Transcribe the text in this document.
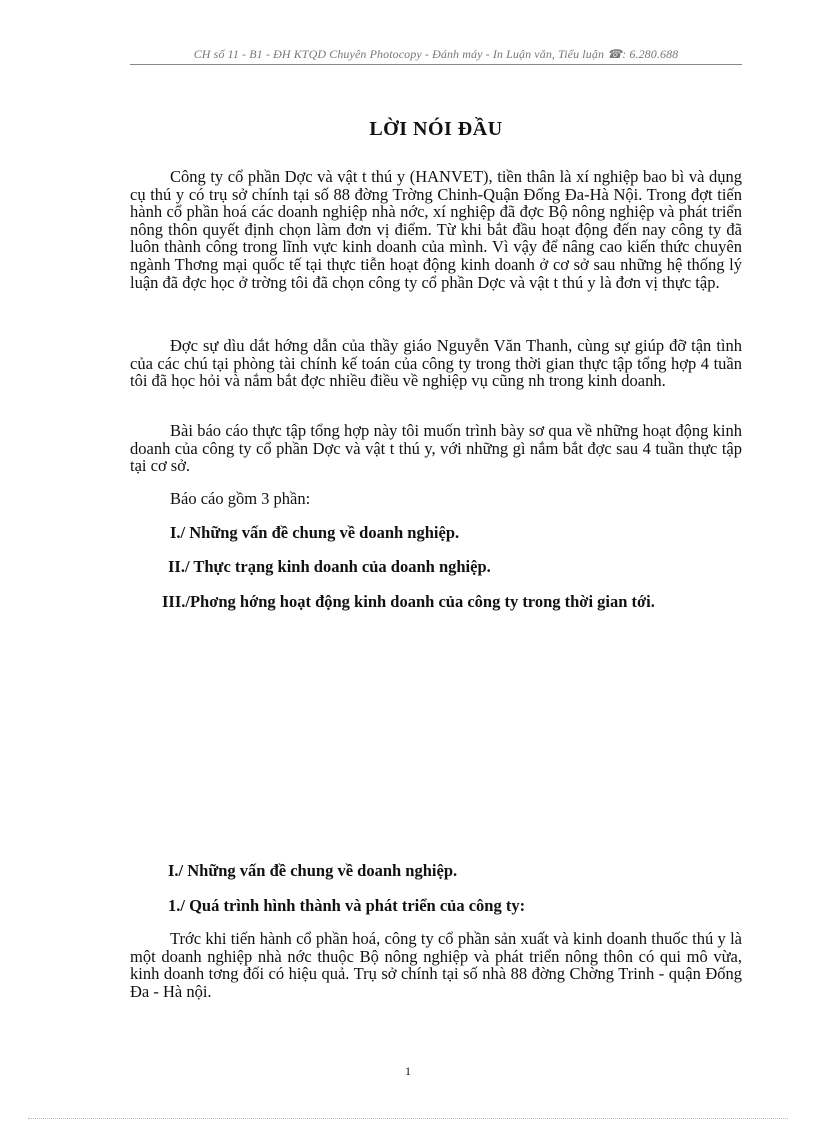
CH số 11 - B1 - ĐH KTQD Chuyên Photocopy - Đánh máy - In Luận văn, Tiểu luận ☎: 6.280.688
LỜI NÓI ĐẦU

Công ty cổ phần Dợc và vật t thú y (HANVET), tiền thân là xí nghiệp bao bì và dụng cụ thú y có trụ sở chính tại số 88 đờng Trờng Chinh-Quận Đống Đa-Hà Nội. Trong đợt tiến hành cổ phần hoá các doanh nghiệp nhà nớc, xí nghiệp đã đợc Bộ nông nghiệp và phát triển nông thôn quyết định chọn làm đơn vị điểm. Từ khi bắt đầu hoạt động đến nay công ty đã luôn thành công trong lĩnh vực kinh doanh của mình. Vì vậy để nâng cao kiến thức chuyên ngành Thơng mại quốc tế tại thực tiễn hoạt động kinh doanh ở cơ sở sau những hệ thống lý luận đã đợc học ở trờng tôi đã chọn công ty cổ phần Dợc và vật t thú y là đơn vị thực tập.

Đợc sự dìu dắt hớng dẫn của thầy giáo Nguyễn Văn Thanh, cùng sự giúp đỡ tận tình của các chú tại phòng tài chính kế toán của công ty trong thời gian thực tập tổng hợp 4 tuần tôi đã học hỏi và nắm bắt đợc nhiều điều về nghiệp vụ cũng nh trong kinh doanh.

Bài báo cáo thực tập tổng hợp này tôi muốn trình bày sơ qua về những hoạt động kinh doanh của công ty cổ phần Dợc và vật t thú y, với những gì nắm bắt đợc sau 4 tuần thực tập tại cơ sở.

Báo cáo gồm 3 phần:

I./ Những vấn đề chung về doanh nghiệp.
II./ Thực trạng kinh doanh của doanh nghiệp.
III./Phơng hớng hoạt động kinh doanh của công ty trong thời gian tới.
I./ Những vấn đề chung về doanh nghiệp.
1./ Quá trình hình thành và phát triển của công ty:

Trớc khi tiến hành cổ phần hoá, công ty cổ phần sản xuất và kinh doanh thuốc thú y là một doanh nghiệp nhà nớc thuộc Bộ nông nghiệp và phát triển nông thôn có qui mô vừa, kinh doanh tơng đối có hiệu quả. Trụ sở chính tại số nhà 88 đờng Chờng Trinh - quận Đống Đa - Hà nội.

1
